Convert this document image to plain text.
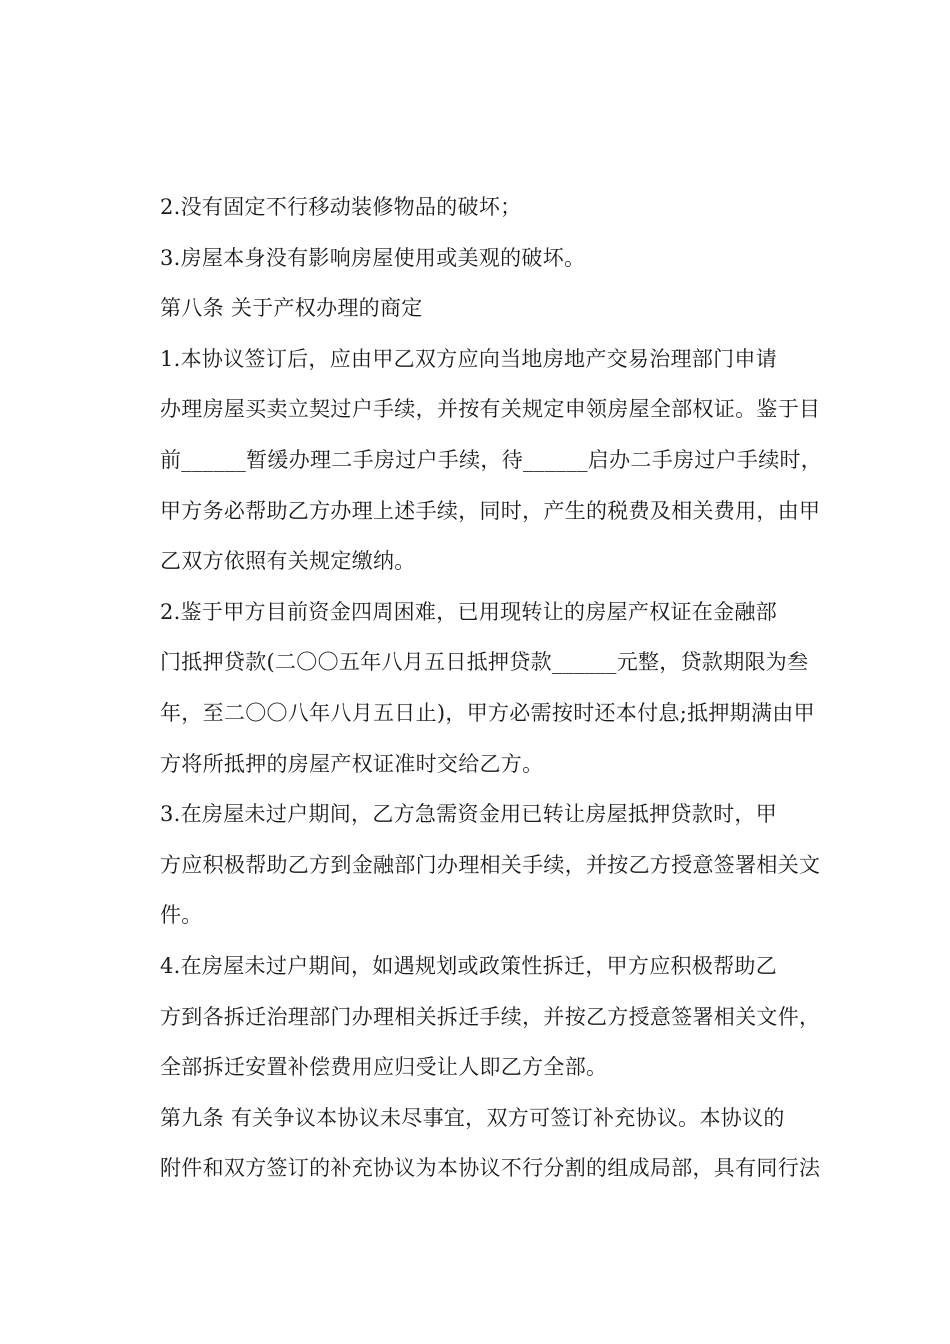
2.没有固定不行移动装修物品的破坏；

3.房屋本身没有影响房屋使用或美观的破坏。

第八条 关于产权办理的商定

1.本协议签订后，应由甲乙双方应向当地房地产交易治理部门申请
办理房屋买卖立契过户手续，并按有关规定申领房屋全部权证。鉴于目
前______暂缓办理二手房过户手续，待______启办二手房过户手续时，
甲方务必帮助乙方办理上述手续，同时，产生的税费及相关费用，由甲
乙双方依照有关规定缴纳。

2.鉴于甲方目前资金四周困难，已用现转让的房屋产权证在金融部
门抵押贷款(二〇〇五年八月五日抵押贷款______元整，贷款期限为叁
年，至二〇〇八年八月五日止)，甲方必需按时还本付息;抵押期满由甲
方将所抵押的房屋产权证准时交给乙方。

3.在房屋未过户期间，乙方急需资金用已转让房屋抵押贷款时，甲
方应积极帮助乙方到金融部门办理相关手续，并按乙方授意签署相关文
件。

4.在房屋未过户期间，如遇规划或政策性拆迁，甲方应积极帮助乙
方到各拆迁治理部门办理相关拆迁手续，并按乙方授意签署相关文件，
全部拆迁安置补偿费用应归受让人即乙方全部。

第九条 有关争议本协议未尽事宜，双方可签订补充协议。本协议的
附件和双方签订的补充协议为本协议不行分割的组成局部，具有同行法
